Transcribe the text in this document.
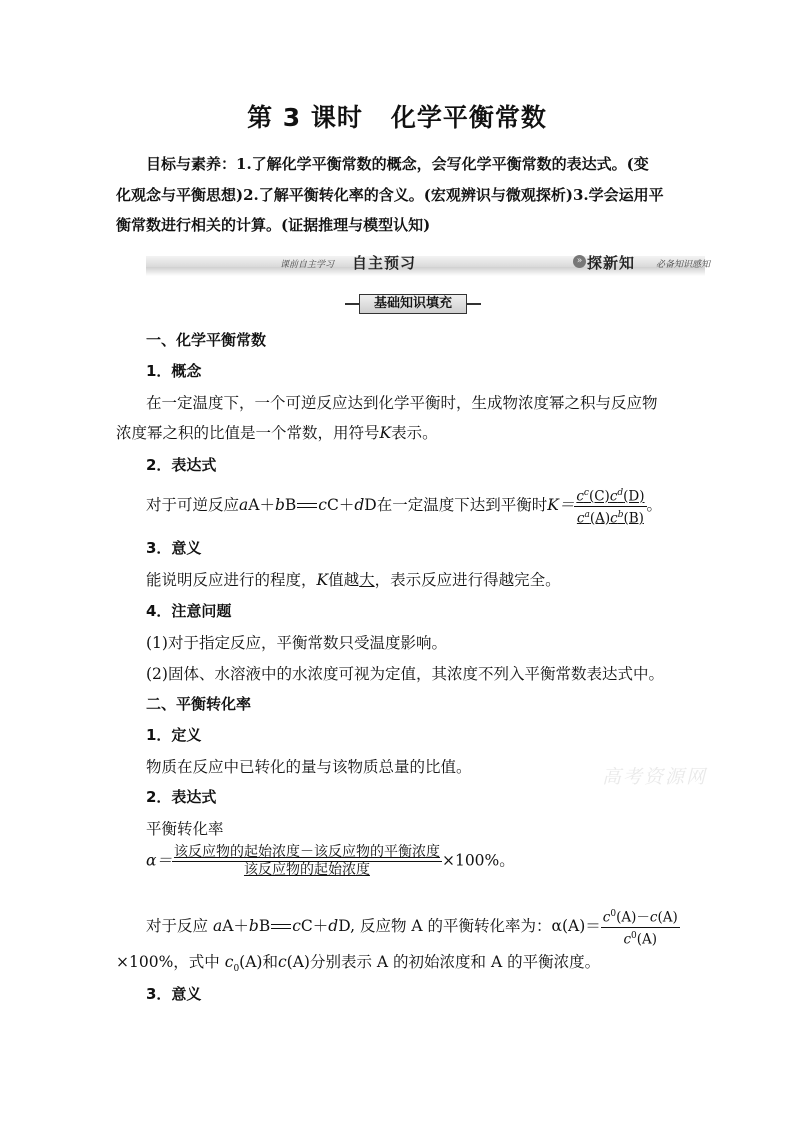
第 3 课时 化学平衡常数
目标与素养：1.了解化学平衡常数的概念，会写化学平衡常数的表达式。(变
化观念与平衡思想)2.了解平衡转化率的含义。(宏观辨识与微观探析)3.学会运用平
衡常数进行相关的计算。(证据推理与模型认知)
课前自主学习 自主预习	» 探新知 必备知识感知
基础知识填充
一、化学平衡常数
1．概念
在一定温度下，一个可逆反应达到化学平衡时，生成物浓度幂之积与反应物
浓度幂之积的比值是一个常数，用符号K表示。
2．表达式
对于可逆反应aA＋bB cC＋dD在一定温度下达到平衡时$K= \frac{c^c(C)c^d(D)}{c^a(A)c^b(B)}$ 。
3．意义
能说明反应进行的程度，K值越大，表示反应进行得越完全。
4．注意问题
(1)对于指定反应，平衡常数只受温度影响。
(2)固体、水溶液中的水浓度可视为定值，其浓度不列入平衡常数表达式中。
二、平衡转化率
1．定义
物质在反应中已转化的量与该物质总量的比值。	高考资源网
2．表达式
平衡转化率
$\alpha= \frac{\text{该反应物的起始浓度－该反应物的平衡浓度}}{\text{该反应物的起始浓度}} \times 100\%$。
对于反应 aA＋bB cC＋dD, 反应物 A 的平衡转化率为：$\alpha(A)= \frac{c^0(A)-c(A)}{c^0(A)}$
×100%，式中 $c_0(A)$和c(A)分别表示 A 的初始浓度和 A 的平衡浓度。
3．意义
